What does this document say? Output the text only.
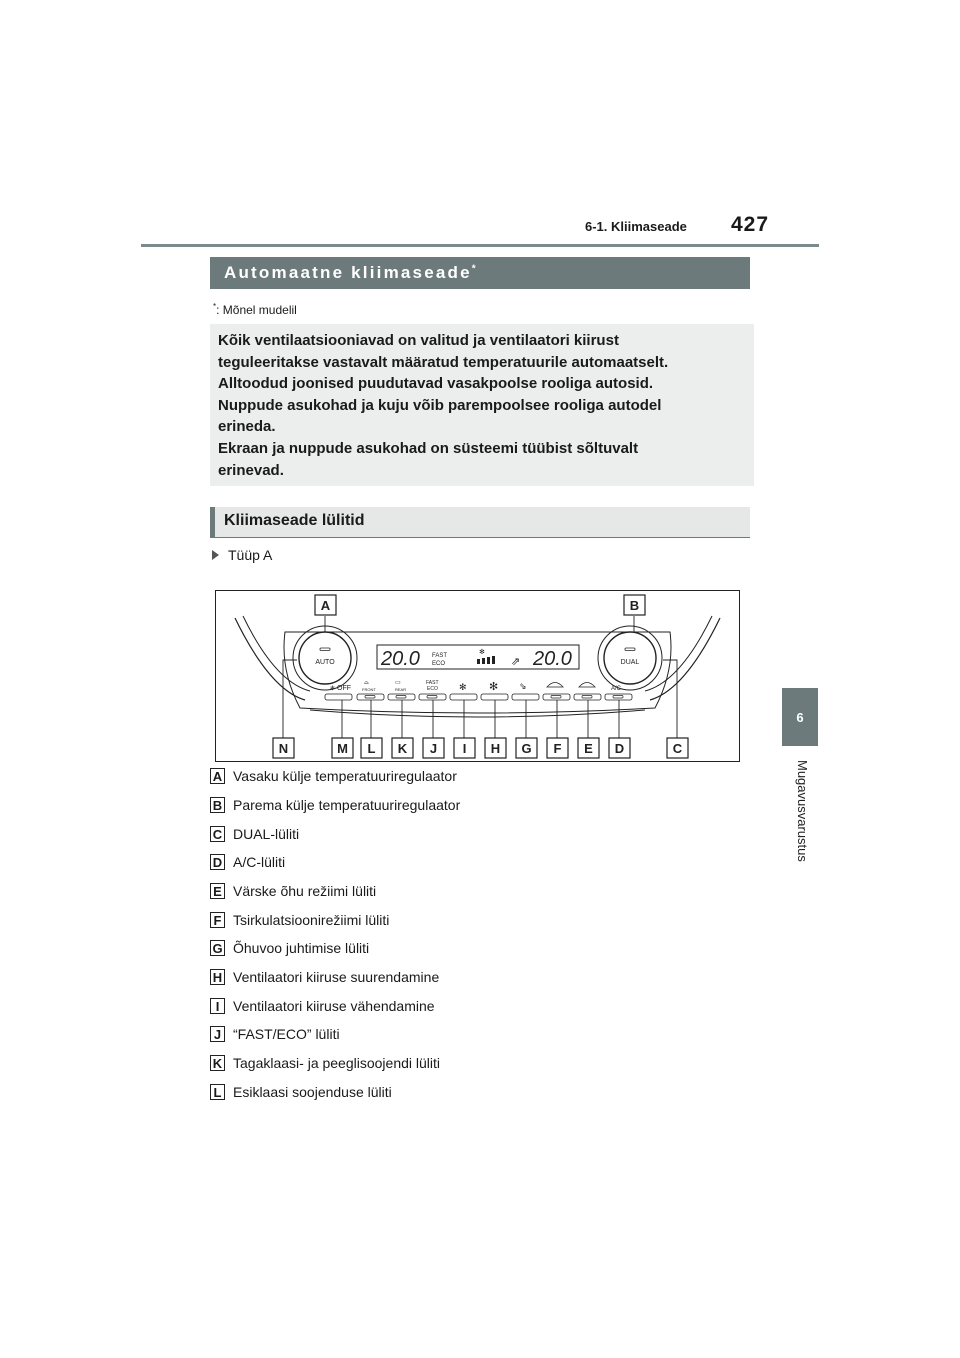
6-1. Kliimaseade 427
6
Mugavusvarustus
Automaatne kliimaseade*
*: Mõnel mudelil
Kõik ventilaatsiooniavad on valitud ja ventilaatori kiirust
teguleeritakse vastavalt määratud temperatuurile automaatselt.
Alltoodud joonised puudutavad vasakpoolse rooliga autosid.
Nuppude asukohad ja kuju võib parempoolsee rooliga autodel
erineda.
Ekraan ja nuppude asukohad on süsteemi tüübist sõltuvalt
erinevad.
Kliimaseade lülitid
Tüüp A
AUTO	DUAL
20.0	20.0
FAST
ECO
✻
⇗
✻ OFF
⌓
FRONT
▭
REAR
FAST
ECO ✻ ✻ ⇘	A/C
A	B
N	M L K J I H G F E D	C
A Vasaku külje temperatuuriregulaator
B Parema külje temperatuuriregulaator
C DUAL-lüliti
D A/C-lüliti
E Värske õhu režiimi lüliti
F Tsirkulatsioonirežiimi lüliti
G Õhuvoo juhtimise lüliti
H Ventilaatori kiiruse suurendamine
I Ventilaatori kiiruse vähendamine
J “FAST/ECO” lüliti
K Tagaklaasi- ja peeglisoojendi lüliti
L Esiklaasi soojenduse lüliti
